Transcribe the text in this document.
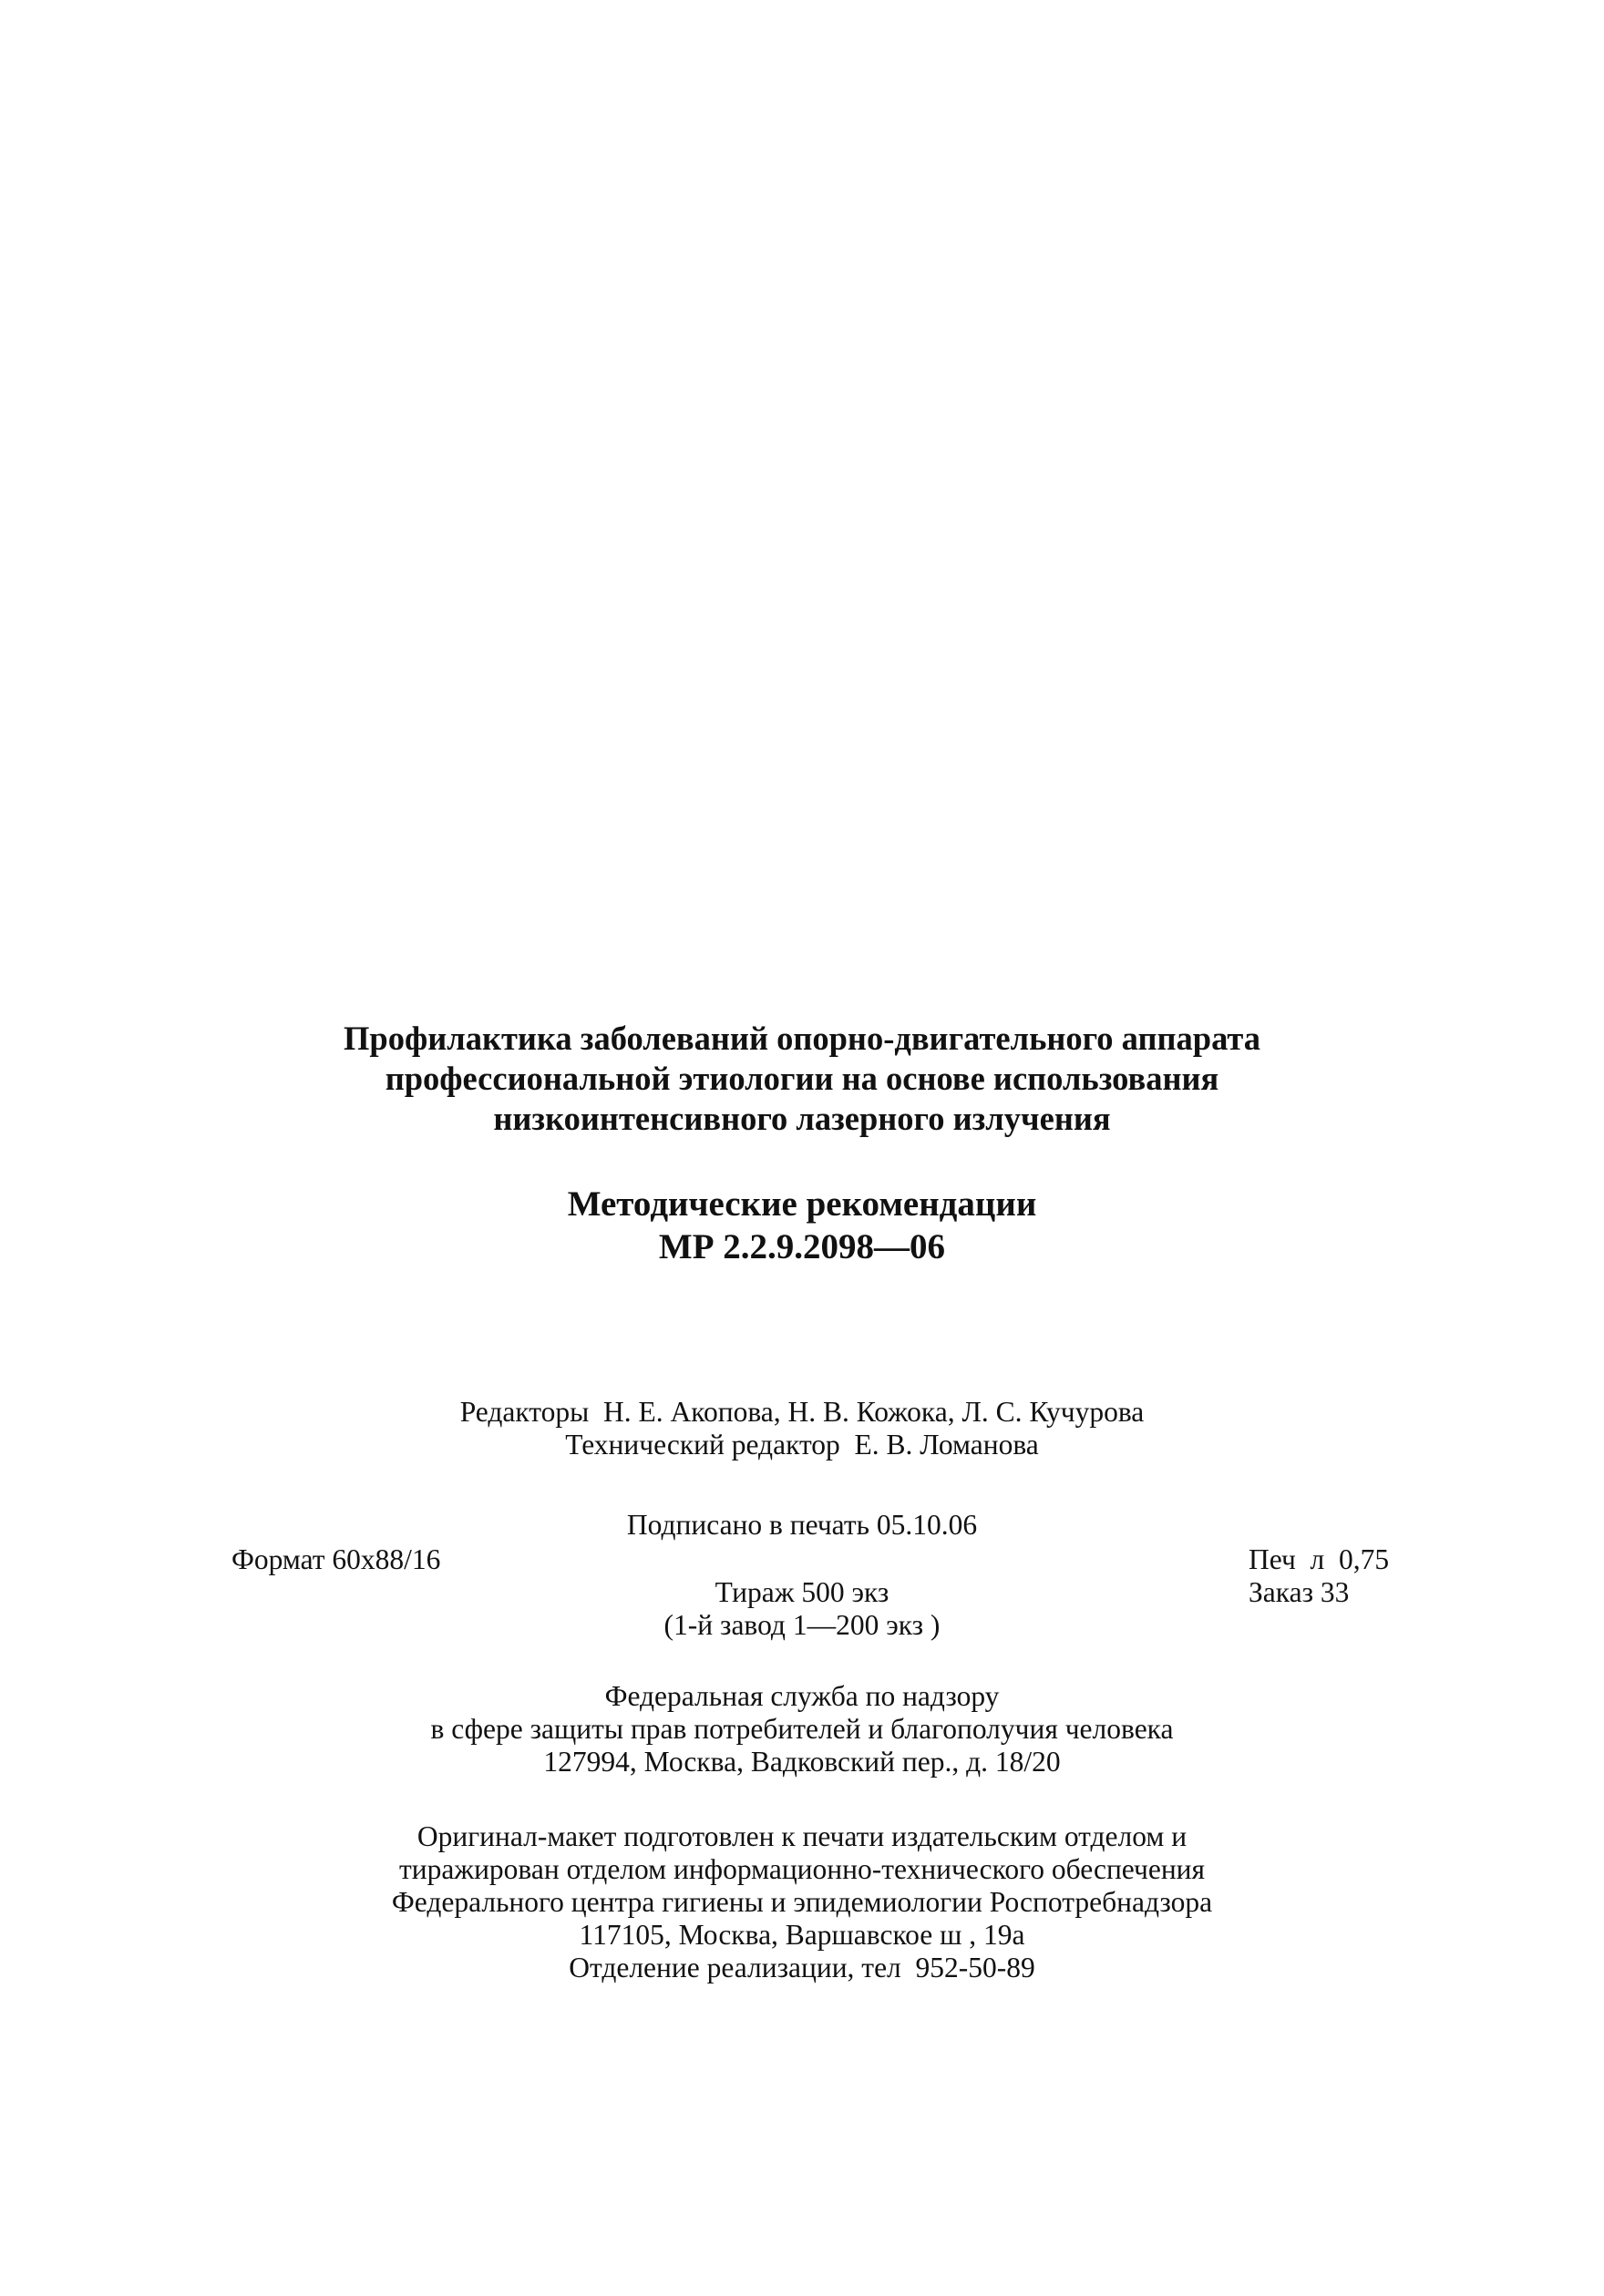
Профилактика заболеваний опорно-двигательного аппарата
профессиональной этиологии на основе использования
низкоинтенсивного лазерного излучения
Методические рекомендации
МР 2.2.9.2098—06
Редакторы  Н. Е. Акопова, Н. В. Кожока, Л. С. Кучурова
Технический редактор  Е. В. Ломанова
Подписано в печать 05.10.06
Формат 60x88/16	Печ  л  0,75
Заказ 33
Тираж 500 экз
(1-й завод 1—200 экз )
Федеральная служба по надзору
в сфере защиты прав потребителей и благополучия человека
127994, Москва, Вадковский пер., д. 18/20
Оригинал-макет подготовлен к печати издательским отделом и
тиражирован отделом информационно-технического обеспечения
Федерального центра гигиены и эпидемиологии Роспотребнадзора
117105, Москва, Варшавское ш , 19а
Отделение реализации, тел  952-50-89
